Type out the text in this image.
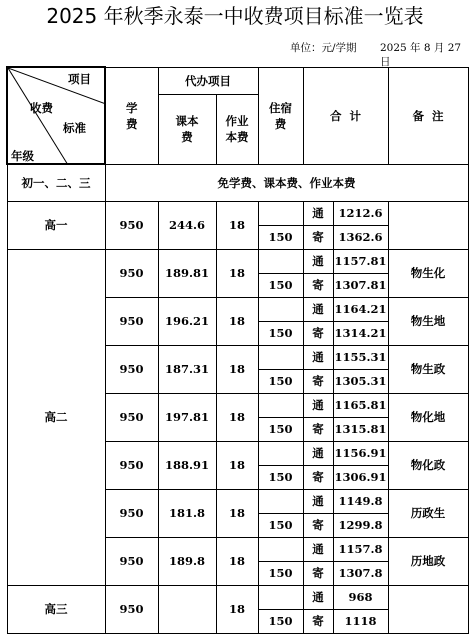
2025 年秋季永泰一中收费项目标准一览表
单位：元/学期 2025 年 8 月 27 日
项目
收费
标准
年级	学费	代办项目		住宿费	合  计		备  注
		课本费	作业本费				
初一、二、三	免学费、课本费、作业本费						
高一	950	244.6	18		通	1212.6	
				150	寄	1362.6	
高二	950	189.81	18		通	1157.81	物生化
				150	寄	1307.81	
	950	196.21	18		通	1164.21	物生地
				150	寄	1314.21	
	950	187.31	18		通	1155.31	物生政
				150	寄	1305.31	
	950	197.81	18		通	1165.81	物化地
				150	寄	1315.81	
	950	188.91	18		通	1156.91	物化政
				150	寄	1306.91	
	950	181.8	18		通	1149.8	历政生
				150	寄	1299.8	
	950	189.8	18		通	1157.8	历地政
				150	寄	1307.8	
高三	950		18		通	968	
				150	寄	1118	
